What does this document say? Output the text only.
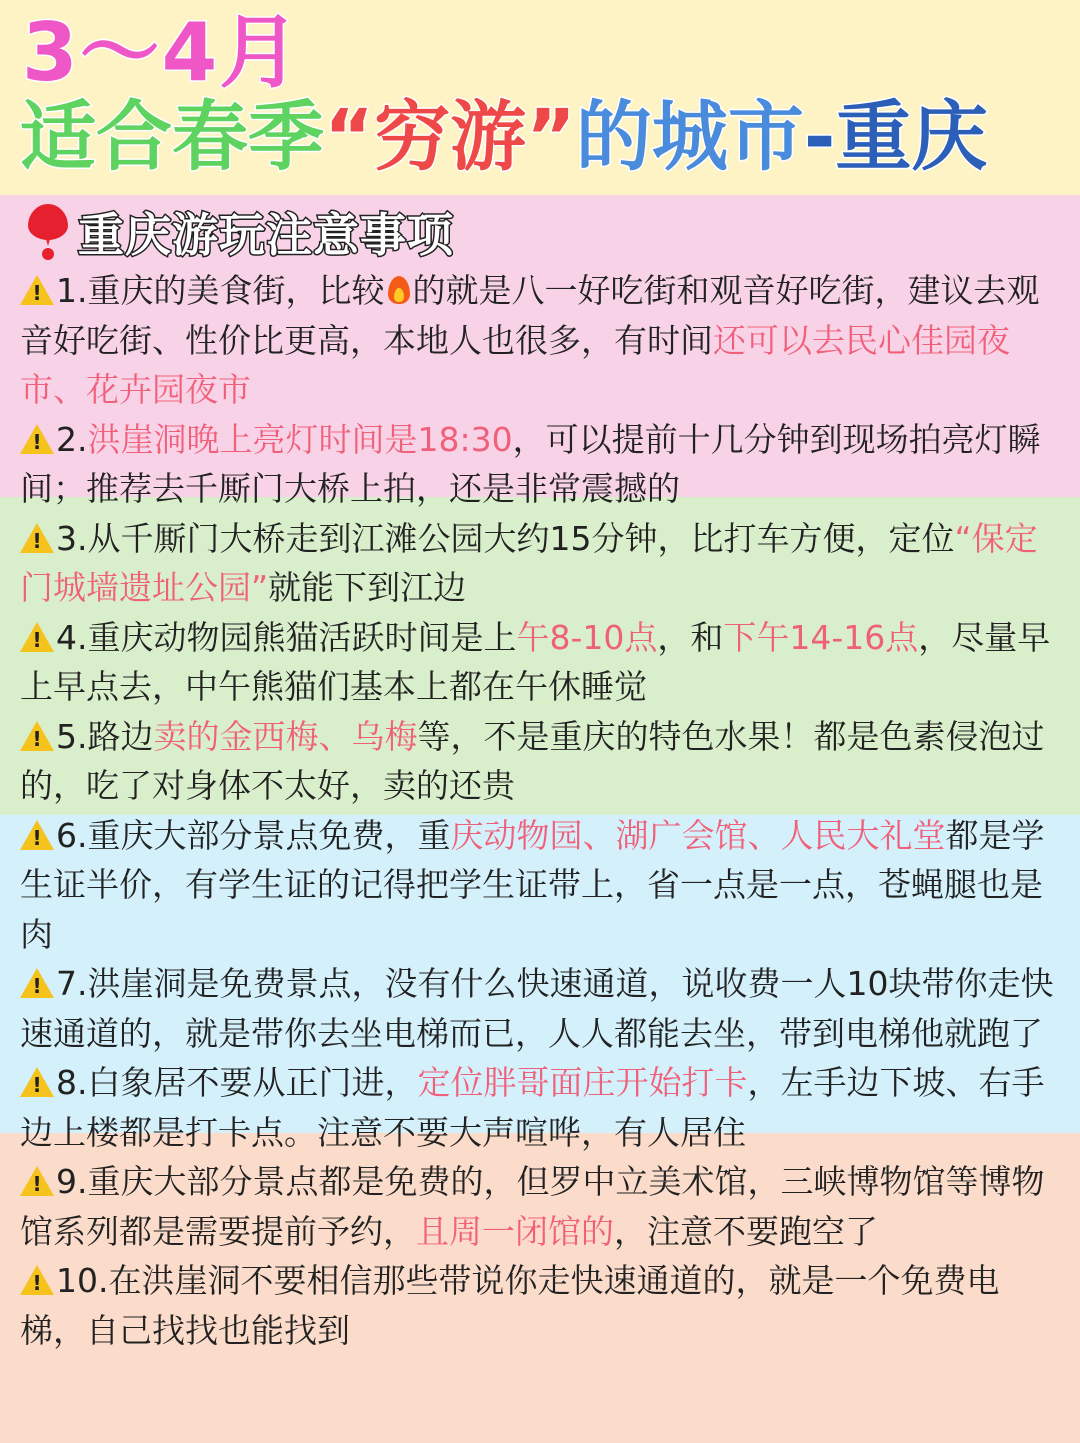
3～4月
适合春季“穷游”的城市-重庆
重庆游玩注意事项

! 1.重庆的美食街，比较 的就是八一好吃街和观音好吃街，建议去观音好吃街、性价比更高，本地人也很多，有时间还可以去民心佳园夜市、花卉园夜市

! 2.洪崖洞晚上亮灯时间是18:30，可以提前十几分钟到现场拍亮灯瞬间；推荐去千厮门大桥上拍，还是非常震撼的

! 3.从千厮门大桥走到江滩公园大约15分钟，比打车方便，定位“保定门城墙遗址公园”就能下到江边

! 4.重庆动物园熊猫活跃时间是上午8-10点，和下午14-16点，尽量早上早点去，中午熊猫们基本上都在午休睡觉

! 5.路边卖的金西梅、乌梅等，不是重庆的特色水果！都是色素侵泡过的，吃了对身体不太好，卖的还贵

! 6.重庆大部分景点免费，重庆动物园、湖广会馆、人民大礼堂都是学生证半价，有学生证的记得把学生证带上，省一点是一点，苍蝇腿也是肉

! 7.洪崖洞是免费景点，没有什么快速通道，说收费一人10块带你走快速通道的，就是带你去坐电梯而已，人人都能去坐，带到电梯他就跑了

! 8.白象居不要从正门进，定位胖哥面庄开始打卡，左手边下坡、右手边上楼都是打卡点。注意不要大声喧哗，有人居住

! 9.重庆大部分景点都是免费的，但罗中立美术馆，三峡博物馆等博物馆系列都是需要提前予约，且周一闭馆的，注意不要跑空了

! 10.在洪崖洞不要相信那些带说你走快速通道的，就是一个免费电梯，自己找找也能找到
